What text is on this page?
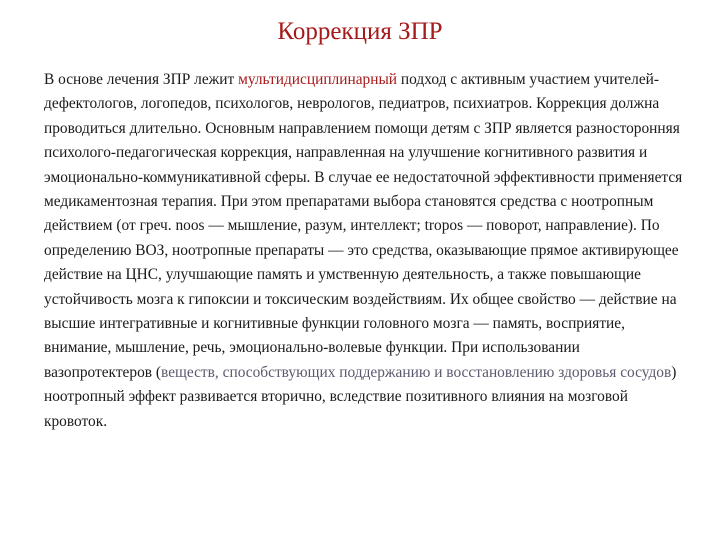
Коррекция ЗПР

В основе лечения ЗПР лежит мультидисциплинарный подход с активным участием учителей-дефектологов, логопедов, психологов, неврологов, педиатров, психиатров. Коррекция должна проводиться длительно. Основным направлением помощи детям с ЗПР является разносторонняя психолого-педагогическая коррекция, направленная на улучшение когнитивного развития и эмоционально-коммуникативной сферы. В случае ее недостаточной эффективности применяется медикаментозная терапия. При этом препаратами выбора становятся средства с ноотропным действием (от греч. noos — мышление, разум, интеллект; tropos — поворот, направление). По определению ВОЗ, ноотропные препараты — это средства, оказывающие прямое активирующее действие на ЦНС, улучшающие память и умственную деятельность, а также повышающие устойчивость мозга к гипоксии и токсическим воздействиям. Их общее свойство — действие на высшие интегративные и когнитивные функции головного мозга — память, восприятие, внимание, мышление, речь, эмоционально-волевые функции. При использовании вазопротектеров (веществ, способствующих поддержанию и восстановлению здоровья сосудов) ноотропный эффект развивается вторично, вследствие позитивного влияния на мозговой кровоток.
